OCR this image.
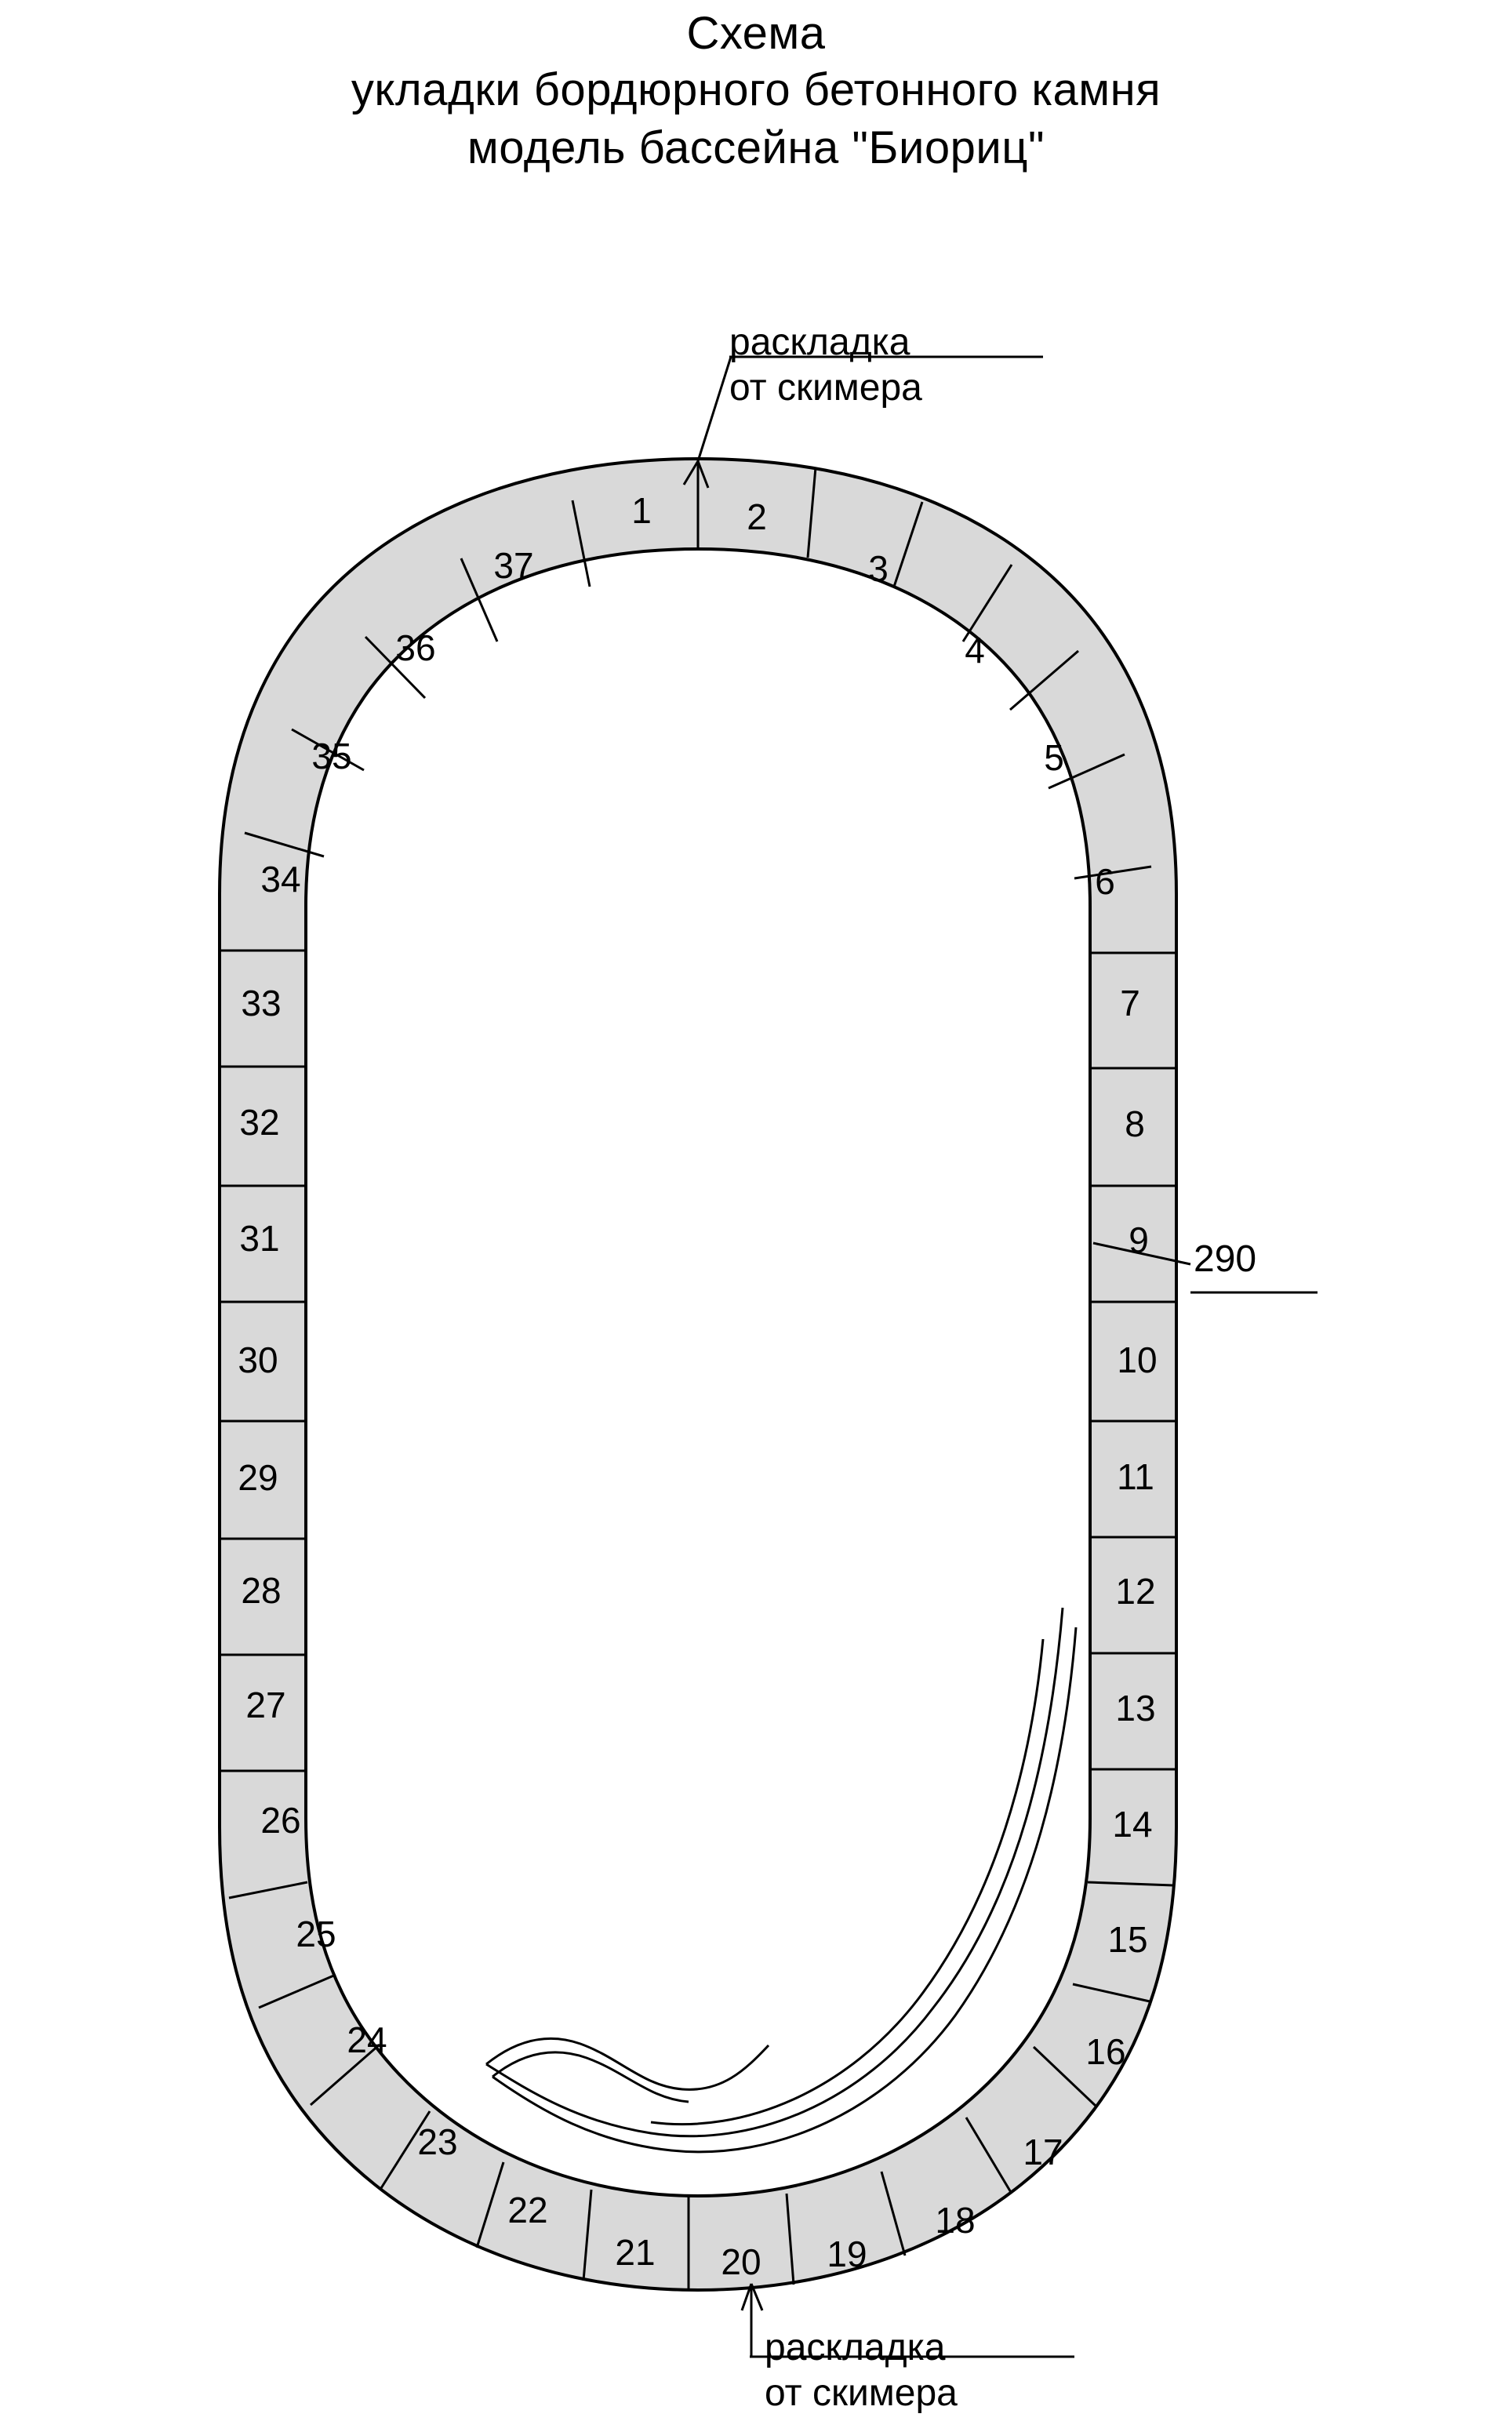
Схема
укладки бордюрного бетонного камня
модель бассейна "Биориц"
раскладка
от скимера
раскладка
от скимера
290
1	2
3
4
5
6
7
8
9
10
11
12
13
14
15
16
17
18
19
20
21
22
23
24
25
26
27
28
29
30
31
32
33
34
35
36
37
